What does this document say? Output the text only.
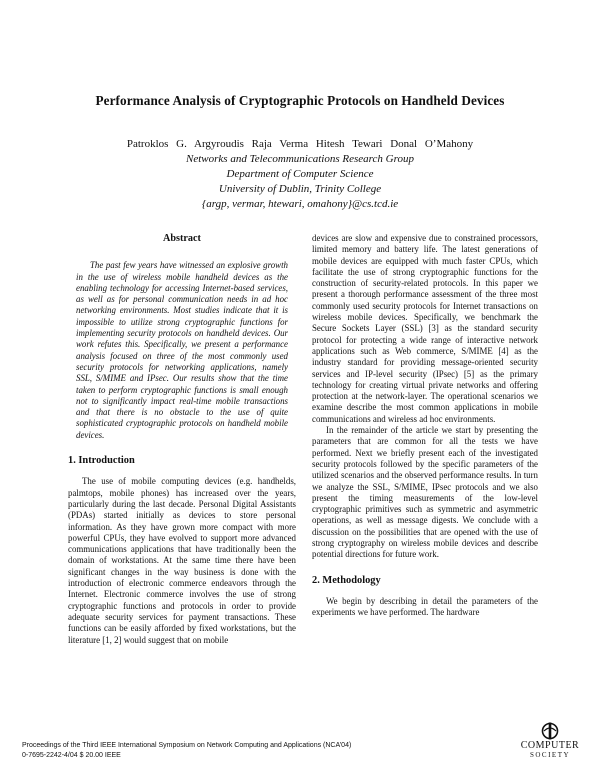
Performance Analysis of Cryptographic Protocols on Handheld Devices
Patroklos G. Argyroudis Raja Verma Hitesh Tewari Donal O’Mahony
Networks and Telecommunications Research Group
Department of Computer Science
University of Dublin, Trinity College
{argp, vermar, htewari, omahony}@cs.tcd.ie
Abstract

The past few years have witnessed an explosive growth in the use of wireless mobile handheld devices as the enabling technology for accessing Internet-based services, as well as for personal communication needs in ad hoc networking environments. Most studies indicate that it is impossible to utilize strong cryptographic functions for implementing security protocols on handheld devices. Our work refutes this. Specifically, we present a performance analysis focused on three of the most commonly used security protocols for networking applications, namely SSL, S/MIME and IPsec. Our results show that the time taken to perform cryptographic functions is small enough not to significantly impact real-time mobile transactions and that there is no obstacle to the use of quite sophisticated cryptographic protocols on handheld mobile devices.

1. Introduction

The use of mobile computing devices (e.g. handhelds, palmtops, mobile phones) has increased over the years, particularly during the last decade. Personal Digital Assistants (PDAs) started initially as devices to store personal information. As they have grown more compact with more powerful CPUs, they have evolved to support more advanced communications applications that have traditionally been the domain of workstations. At the same time there have been significant changes in the way business is done with the introduction of electronic commerce endeavors through the Internet. Electronic commerce involves the use of strong cryptographic functions and protocols in order to provide adequate security services for payment transactions. These functions can be easily afforded by fixed workstations, but the literature [1, 2] would suggest that on mobile

devices are slow and expensive due to constrained processors, limited memory and battery life. The latest generations of mobile devices are equipped with much faster CPUs, which facilitate the use of strong cryptographic functions for the construction of security-related protocols. In this paper we present a thorough performance assessment of the three most commonly used security protocols for Internet transactions on wireless mobile devices. Specifically, we benchmark the Secure Sockets Layer (SSL) [3] as the standard security protocol for protecting a wide range of interactive network applications such as Web commerce, S/MIME [4] as the industry standard for providing message-oriented security services and IP-level security (IPsec) [5] as the primary technology for creating virtual private networks and offering protection at the network-layer. The operational scenarios we examine describe the most common applications in mobile communications and wireless ad hoc environments.

In the remainder of the article we start by presenting the parameters that are common for all the tests we have performed. Next we briefly present each of the investigated security protocols followed by the specific parameters of the utilized scenarios and the observed performance results. In turn we analyze the SSL, S/MIME, IPsec protocols and we also present the timing measurements of the low-level cryptographic primitives such as symmetric and asymmetric operations, as well as message digests. We conclude with a discussion on the possibilities that are opened with the use of strong cryptography on wireless mobile devices and describe potential directions for future work.

2. Methodology

We begin by describing in detail the parameters of the experiments we have performed. The hardware

Proceedings of the Third IEEE International Symposium on Network Computing and Applications (NCA’04)
0-7695-2242-4/04 $ 20.00 IEEE
COMPUTER
SOCIETY
